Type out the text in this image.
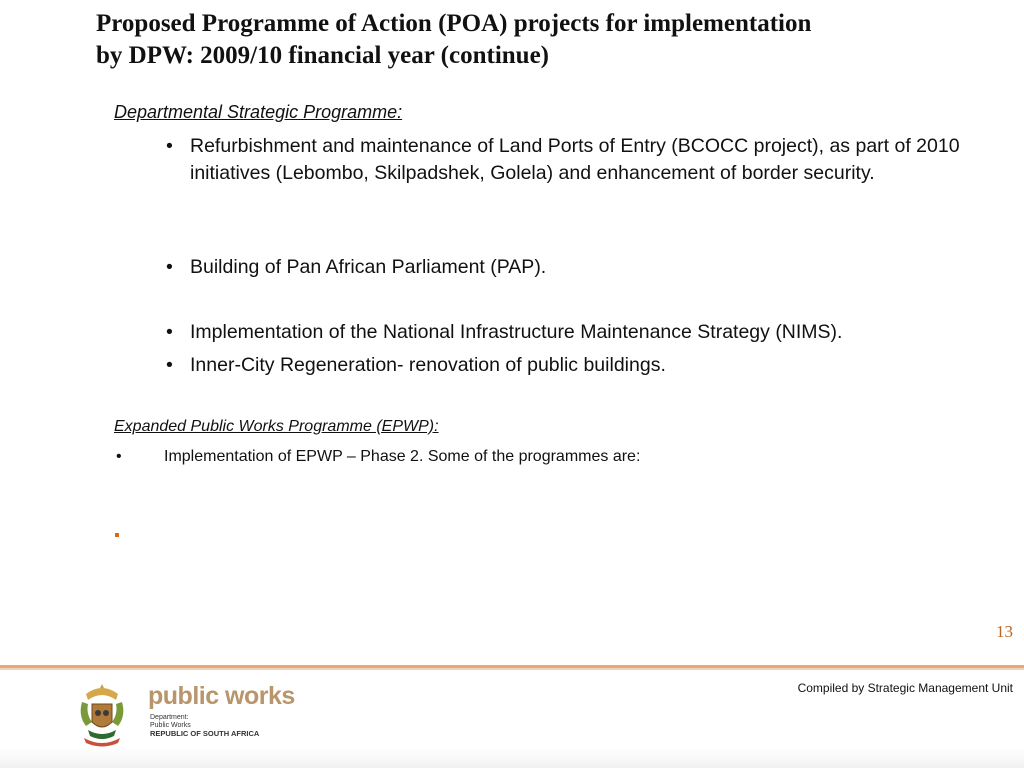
Proposed Programme of Action (POA) projects for implementation
by DPW: 2009/10 financial year (continue)
Departmental Strategic Programme:
• Refurbishment and maintenance of Land Ports of Entry (BCOCC project), as part of 2010 initiatives (Lebombo, Skilpadshek, Golela) and enhancement of border security.
• Building of Pan African Parliament (PAP).
• Implementation of the National Infrastructure Maintenance Strategy (NIMS).
• Inner-City Regeneration- renovation of public buildings.
Expanded Public Works Programme (EPWP):
•	Implementation of EPWP – Phase 2. Some of the programmes are:
13
Compiled by Strategic Management Unit
public works
Department:
Public Works
REPUBLIC OF SOUTH AFRICA
